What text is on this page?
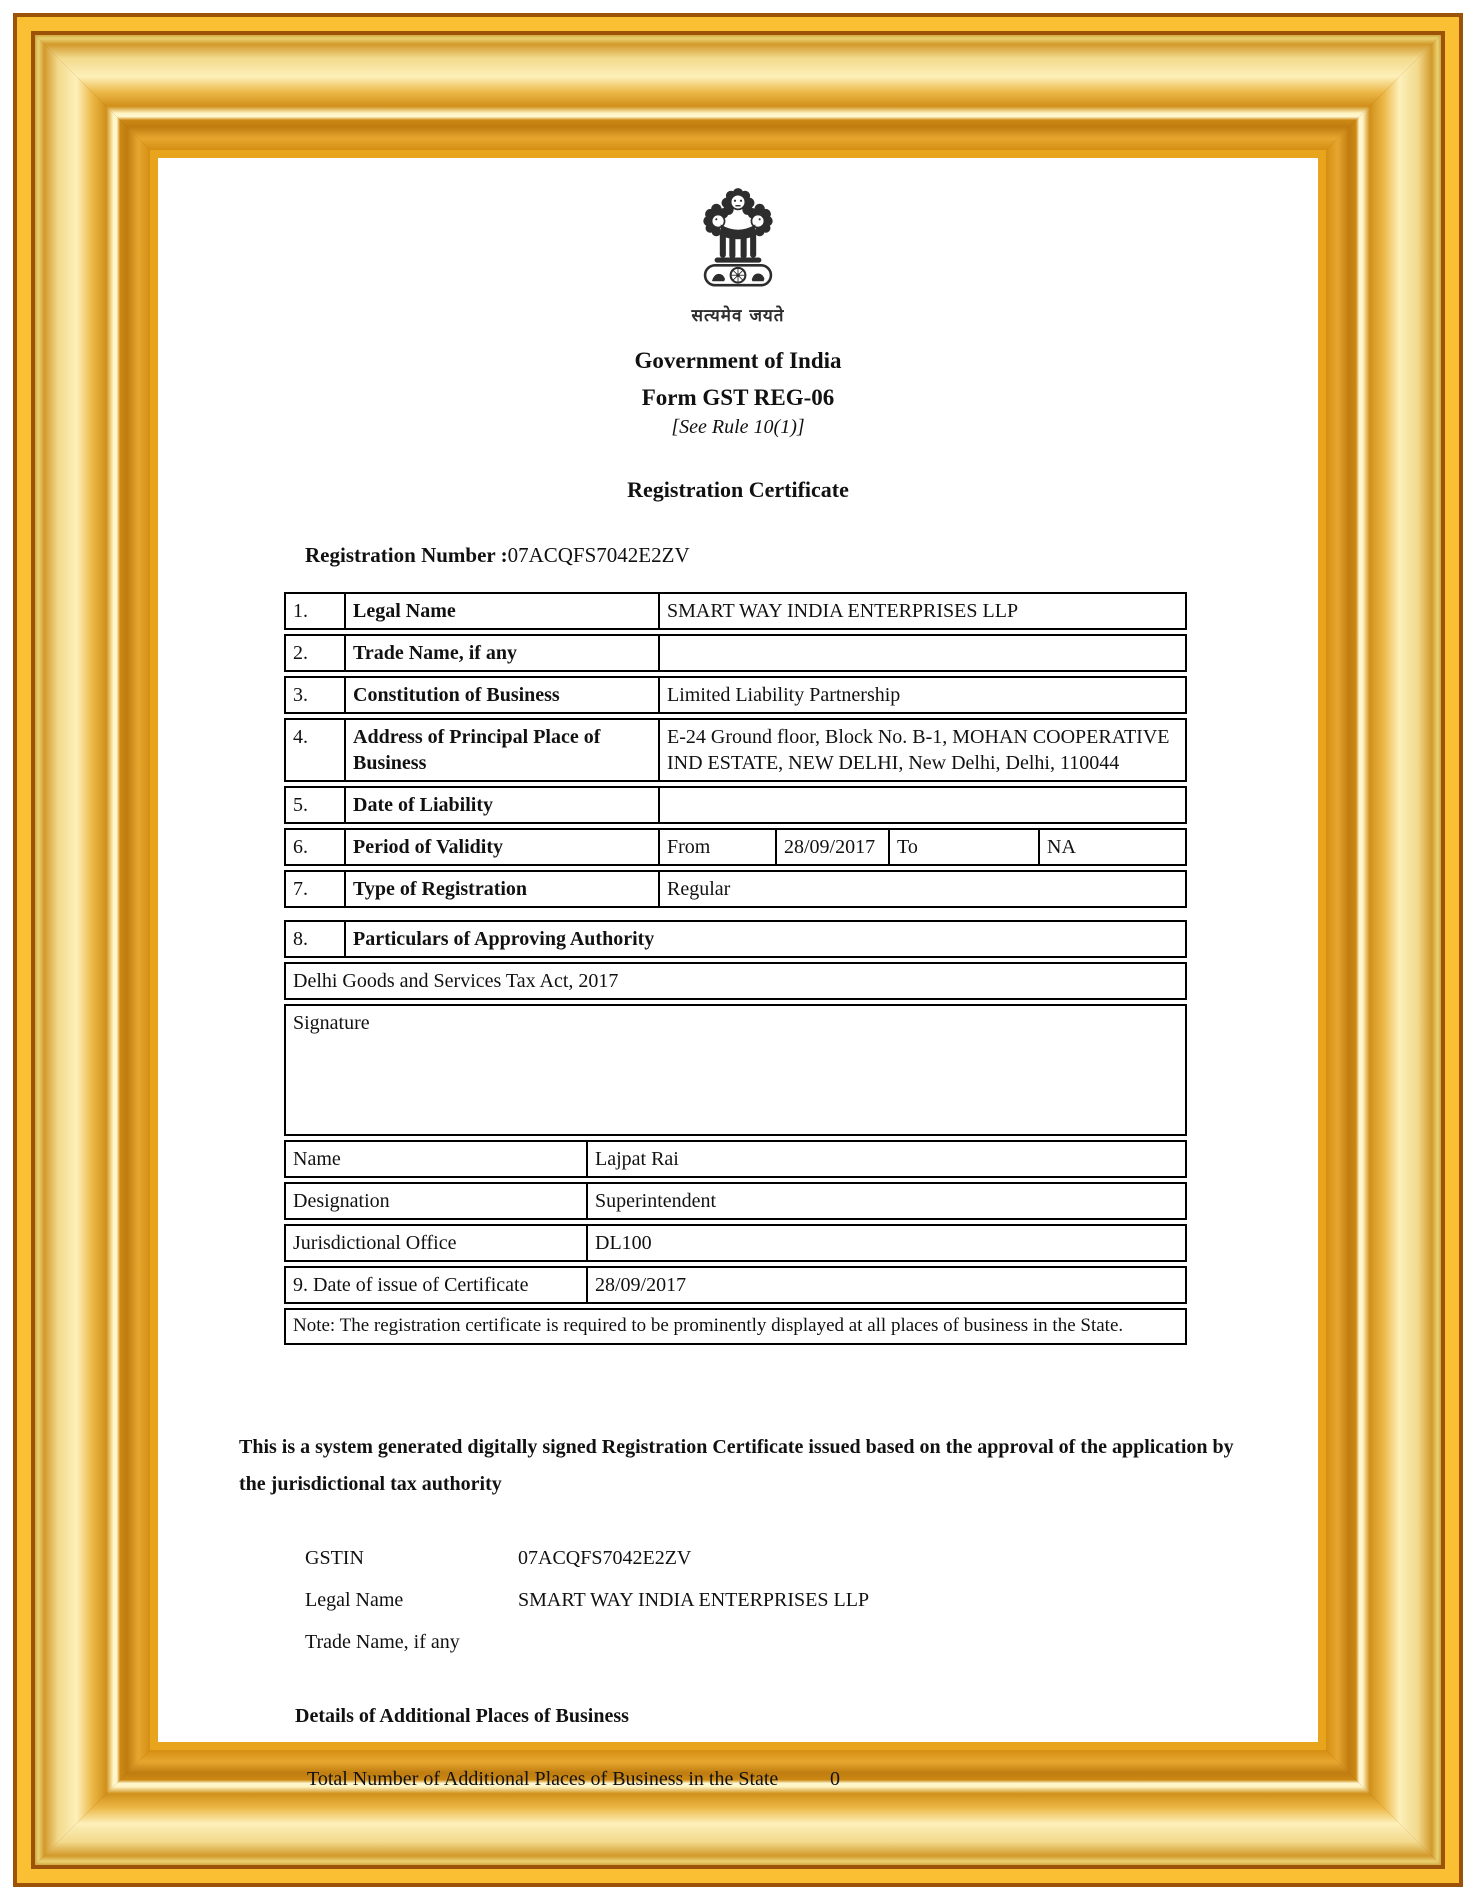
सत्यमेव जयते
Government of India
Form GST REG-06
[See Rule 10(1)]
Registration Certificate
Registration Number :07ACQFS7042E2ZV
1.	Legal Name	SMART WAY INDIA ENTERPRISES LLP
2.	Trade Name, if any
3.	Constitution of Business	Limited Liability Partnership
4.	Address of Principal Place of Business
E-24 Ground floor, Block No. B-1, MOHAN COOPERATIVE IND ESTATE, NEW DELHI, New Delhi, Delhi, 110044
5.	Date of Liability
6.	Period of Validity	From	28/09/2017	To	NA
7.	Type of Registration	Regular
8.	Particulars of Approving Authority
Delhi Goods and Services Tax Act, 2017
Signature
Name	Lajpat Rai
Designation	Superintendent
Jurisdictional Office	DL100
9. Date of issue of Certificate	28/09/2017
Note: The registration certificate is required to be prominently displayed at all places of business in the State.
This is a system generated digitally signed Registration Certificate issued based on the approval of the application by the jurisdictional tax authority
GSTIN	07ACQFS7042E2ZV
Legal Name	SMART WAY INDIA ENTERPRISES LLP
Trade Name, if any
Details of Additional Places of Business
Total Number of Additional Places of Business in the State	0
